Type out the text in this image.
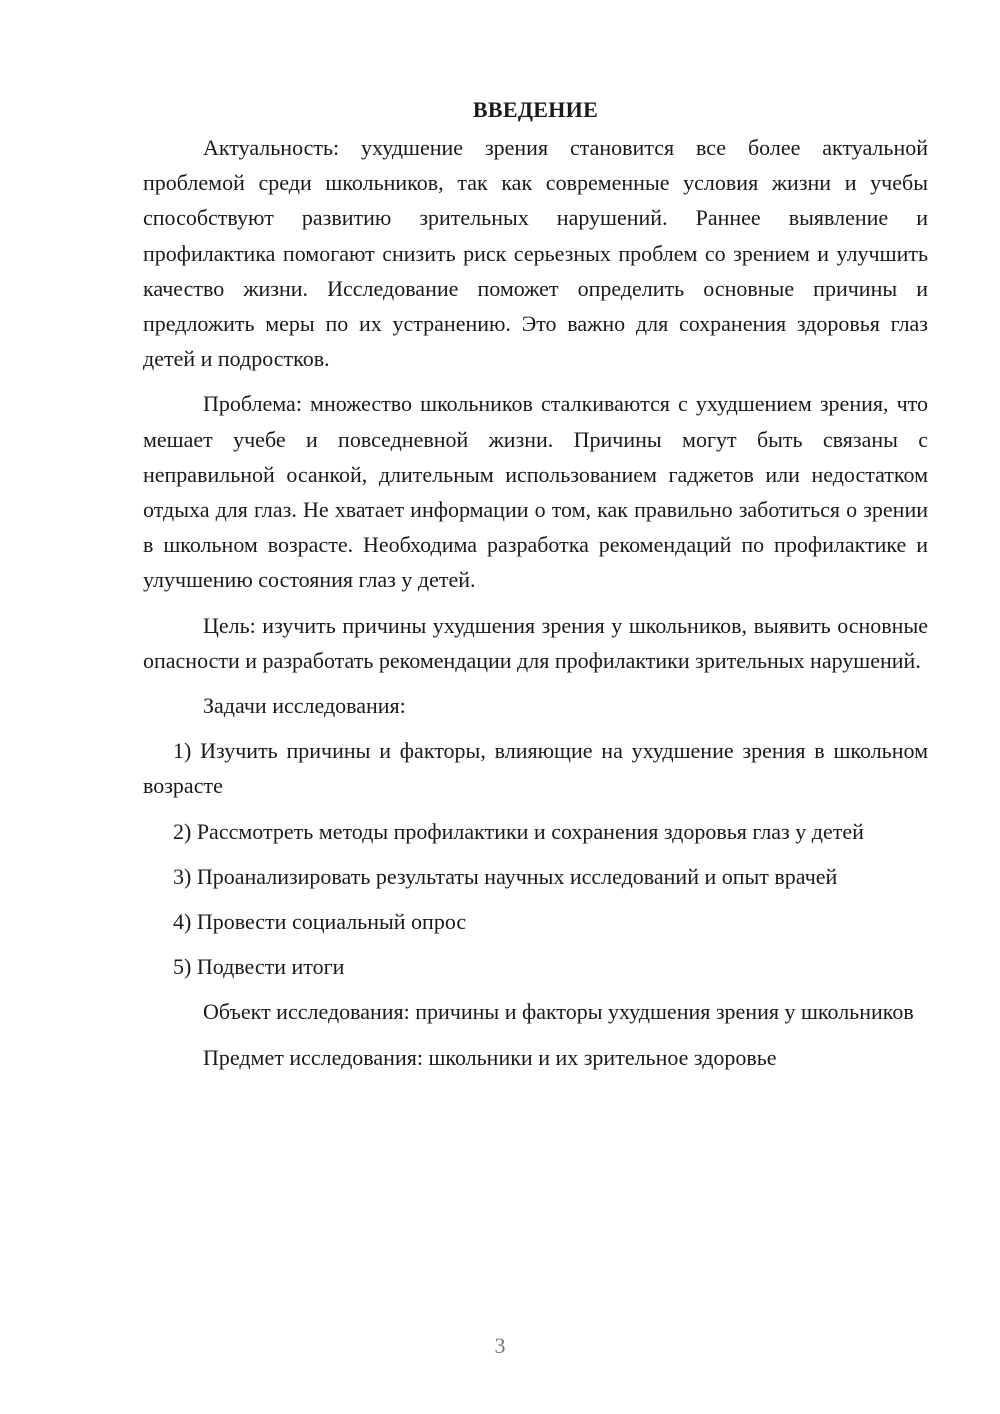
ВВЕДЕНИЕ

Актуальность: ухудшение зрения становится все более актуальной проблемой среди школьников, так как современные условия жизни и учебы способствуют развитию зрительных нарушений. Раннее выявление и профилактика помогают снизить риск серьезных проблем со зрением и улучшить качество жизни. Исследование поможет определить основные причины и предложить меры по их устранению. Это важно для сохранения здоровья глаз детей и подростков.

Проблема: множество школьников сталкиваются с ухудшением зрения, что мешает учебе и повседневной жизни. Причины могут быть связаны с неправильной осанкой, длительным использованием гаджетов или недостатком отдыха для глаз. Не хватает информации о том, как правильно заботиться о зрении в школьном возрасте. Необходима разработка рекомендаций по профилактике и улучшению состояния глаз у детей.

Цель: изучить причины ухудшения зрения у школьников, выявить основные опасности и разработать рекомендации для профилактики зрительных нарушений.

Задачи исследования:

1) Изучить причины и факторы, влияющие на ухудшение зрения в школьном возрасте

2) Рассмотреть методы профилактики и сохранения здоровья глаз у детей

3) Проанализировать результаты научных исследований и опыт врачей

4) Провести социальный опрос

5) Подвести итоги

Объект исследования: причины и факторы ухудшения зрения у школьников

Предмет исследования: школьники и их зрительное здоровье

3
